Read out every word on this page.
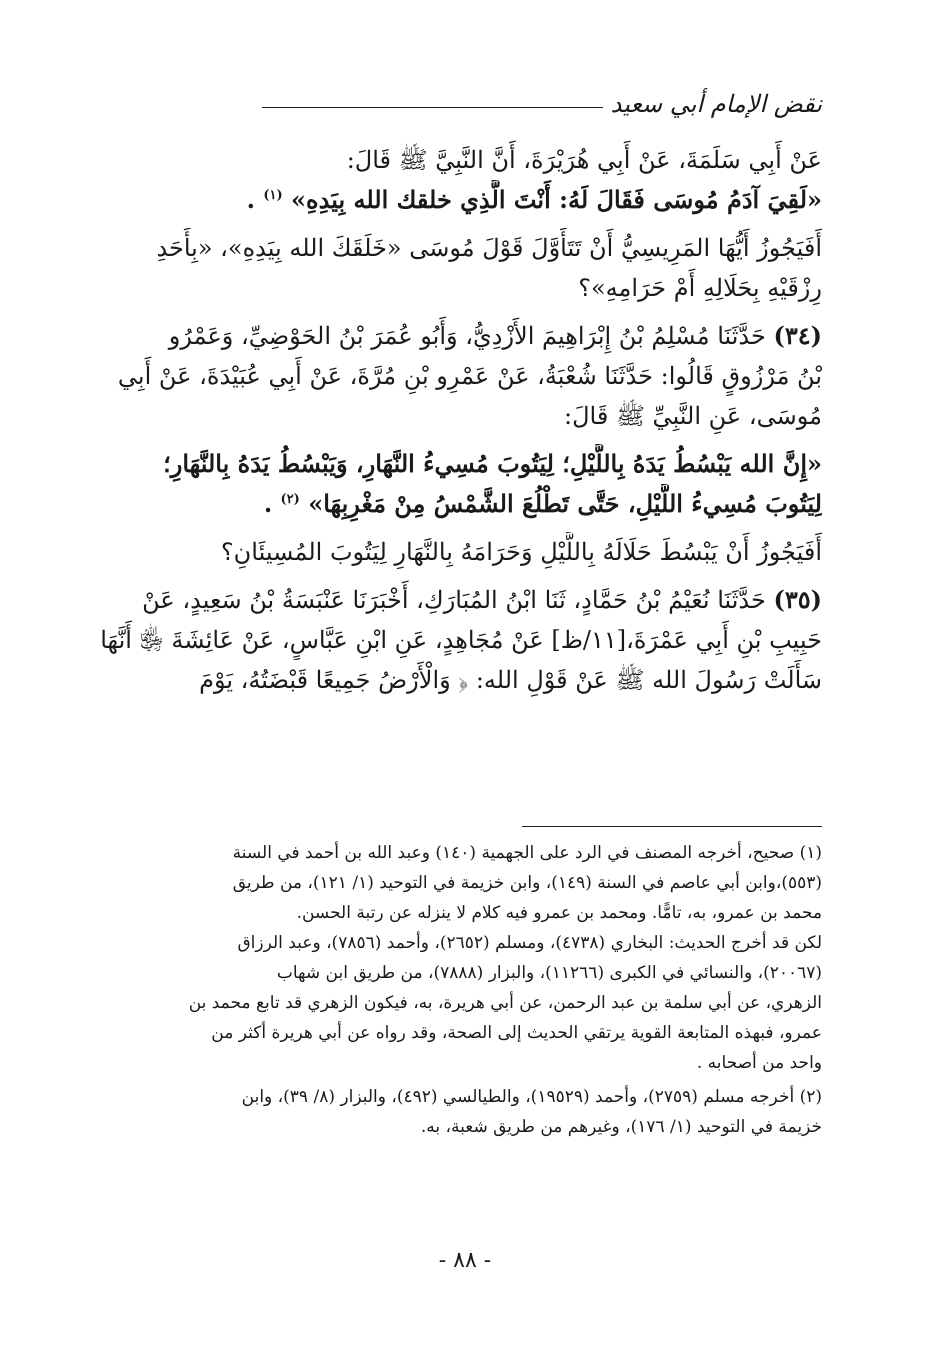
نقض الإمام أبي سعيد
عَنْ أَبِي سَلَمَةَ، عَنْ أَبِي هُرَيْرَةَ، أَنَّ النَّبِيَّ ﷺ قَالَ:
«لَقِيَ آدَمُ مُوسَى فَقَالَ لَهُ: أَنْتَ الَّذِي خلقك الله بِيَدِهِ» $^{(١)}$ .
أَفَيَجُوزُ أَيُّهَا المَرِيسِيُّ أَنْ تَتَأَوَّلَ قَوْلَ مُوسَى «خَلَقَكَ الله بِيَدِهِ»، «بِأَحَدِ
رِزْقَيْهِ بِحَلَالِهِ أَمْ حَرَامِهِ»؟
(٣٤) حَدَّثَنَا مُسْلِمُ بْنُ إِبْرَاهِيمَ الأَزْدِيُّ، وَأَبُو عُمَرَ بْنُ الحَوْضِيِّ، وَعَمْرُو
بْنُ مَرْزُوقٍ قَالُوا: حَدَّثَنَا شُعْبَةُ، عَنْ عَمْرِو بْنِ مُرَّةَ، عَنْ أَبِي عُبَيْدَةَ، عَنْ أَبِي
مُوسَى، عَنِ النَّبِيِّ ﷺ قَالَ:
«إِنَّ الله يَبْسُطُ يَدَهُ بِاللَّيْلِ؛ لِيَتُوبَ مُسِيءُ النَّهَارِ، وَيَبْسُطُ يَدَهُ بِالنَّهَارِ؛
لِيَتُوبَ مُسِيءُ اللَّيْلِ، حَتَّى تَطْلُعَ الشَّمْسُ مِنْ مَغْرِبِهَا» $^{(٢)}$ .
أَفَيَجُوزُ أَنْ يَبْسُطَ حَلَالَهُ بِاللَّيْلِ وَحَرَامَهُ بِالنَّهَارِ لِيَتُوبَ المُسِيئَانِ؟
(٣٥) حَدَّثَنَا نُعَيْمُ بْنُ حَمَّادٍ، ثَنَا ابْنُ المُبَارَكِ، أَخْبَرَنَا عَنْبَسَةُ بْنُ سَعِيدٍ، عَنْ
حَبِيبِ بْنِ أَبِي عَمْرَةَ،[١١/ظ] عَنْ مُجَاهِدٍ، عَنِ ابْنِ عَبَّاسٍ، عَنْ عَائِشَةَ ﵂ أَنَّهَا
سَأَلَتْ رَسُولَ الله ﷺ عَنْ قَوْلِ الله: ﴿ وَالْأَرْضُ جَمِيعًا قَبْضَتُهُ، يَوْمَ
(١) صحيح، أخرجه المصنف في الرد على الجهمية (١٤٠) وعبد الله بن أحمد في السنة
(٥٥٣)،وابن أبي عاصم في السنة (١٤٩)، وابن خزيمة في التوحيد (١/ ١٢١)، من طريق
محمد بن عمرو، به، تامًّا. ومحمد بن عمرو فيه كلام لا ينزله عن رتبة الحسن.
لكن قد أخرج الحديث: البخاري (٤٧٣٨)، ومسلم (٢٦٥٢)، وأحمد (٧٨٥٦)، وعبد الرزاق
(٢٠٠٦٧)، والنسائي في الكبرى (١١٢٦٦)، والبزار (٧٨٨٨)، من طريق ابن شهاب
الزهري، عن أبي سلمة بن عبد الرحمن، عن أبي هريرة، به، فيكون الزهري قد تابع محمد بن
عمرو، فبهذه المتابعة القوية يرتقي الحديث إلى الصحة، وقد رواه عن أبي هريرة أكثر من
واحد من أصحابه .
(٢) أخرجه مسلم (٢٧٥٩)، وأحمد (١٩٥٢٩)، والطيالسي (٤٩٢)، والبزار (٨/ ٣٩)، وابن
خزيمة في التوحيد (١/ ١٧٦)، وغيرهم من طريق شعبة، به.
- ٨٨ -
